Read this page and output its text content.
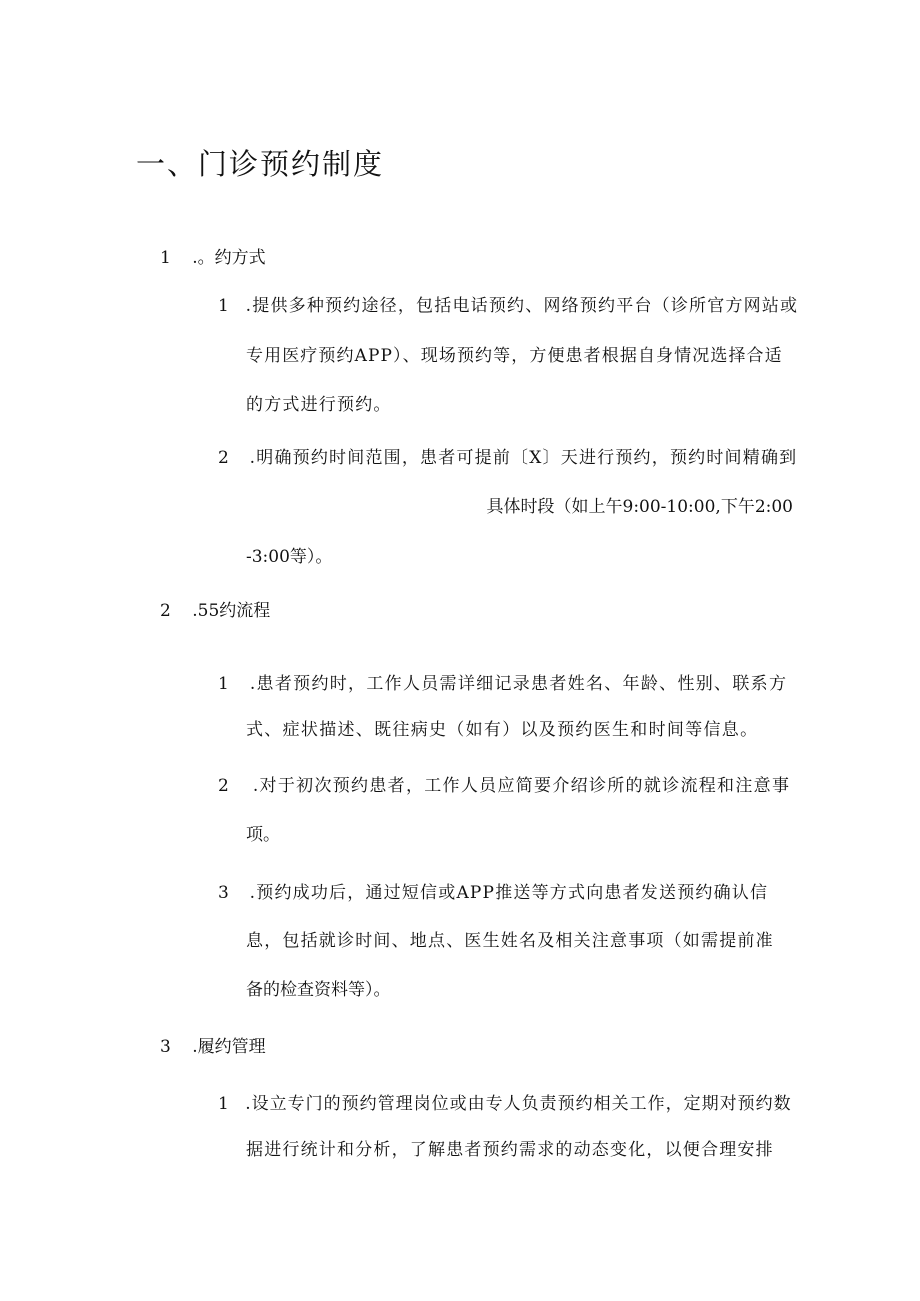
一、门诊预约制度
1 .。约方式
1 .提供多种预约途径，包括电话预约、网络预约平台（诊所官方网站或
专用医疗预约APP）、现场预约等，方便患者根据自身情况选择合适
的方式进行预约。
2 .明确预约时间范围，患者可提前〔X〕天进行预约，预约时间精确到
具体时段（如上午9:00-10:00,下午2:00
-3:00等）。
2 .55约流程
1 .患者预约时，工作人员需详细记录患者姓名、年龄、性别、联系方
式、症状描述、既往病史（如有）以及预约医生和时间等信息。
2 .对于初次预约患者，工作人员应简要介绍诊所的就诊流程和注意事
项。
3 .预约成功后，通过短信或APP推送等方式向患者发送预约确认信
息，包括就诊时间、地点、医生姓名及相关注意事项（如需提前准
备的检查资料等）。
3 .履约管理
1 .设立专门的预约管理岗位或由专人负责预约相关工作，定期对预约数
据进行统计和分析，了解患者预约需求的动态变化，以便合理安排
